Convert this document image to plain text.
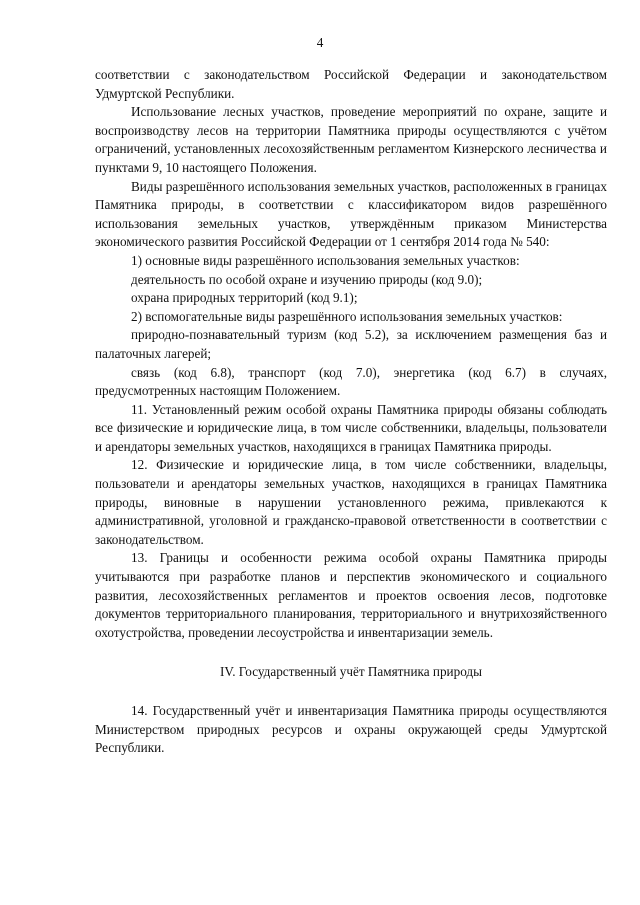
4

соответствии с законодательством Российской Федерации и законодательством Удмуртской Республики.

Использование лесных участков, проведение мероприятий по охране, защите и воспроизводству лесов на территории Памятника природы осуществляются с учётом ограничений, установленных лесохозяйственным регламентом Кизнерского лесничества и пунктами 9, 10 настоящего Положения.

Виды разрешённого использования земельных участков, расположенных в границах Памятника природы, в соответствии с классификатором видов разрешённого использования земельных участков, утверждённым приказом Министерства экономического развития Российской Федерации от 1 сентября 2014 года № 540:

1) основные виды разрешённого использования земельных участков:

деятельность по особой охране и изучению природы (код 9.0);

охрана природных территорий (код 9.1);

2) вспомогательные виды разрешённого использования земельных участков:

природно-познавательный туризм (код 5.2), за исключением размещения баз и палаточных лагерей;

связь (код 6.8), транспорт (код 7.0), энергетика (код 6.7) в случаях, предусмотренных настоящим Положением.

11. Установленный режим особой охраны Памятника природы обязаны соблюдать все физические и юридические лица, в том числе собственники, владельцы, пользователи и арендаторы земельных участков, находящихся в границах Памятника природы.

12. Физические и юридические лица, в том числе собственники, владельцы, пользователи и арендаторы земельных участков, находящихся в границах Памятника природы, виновные в нарушении установленного режима, привлекаются к административной, уголовной и гражданско-правовой ответственности в соответствии с законодательством.

13. Границы и особенности режима особой охраны Памятника природы учитываются при разработке планов и перспектив экономического и социального развития, лесохозяйственных регламентов и проектов освоения лесов, подготовке документов территориального планирования, территориального и внутрихозяйственного охотустройства, проведении лесоустройства и инвентаризации земель.

IV. Государственный учёт Памятника природы

14. Государственный учёт и инвентаризация Памятника природы осуществляются Министерством природных ресурсов и охраны окружающей среды Удмуртской Республики.
